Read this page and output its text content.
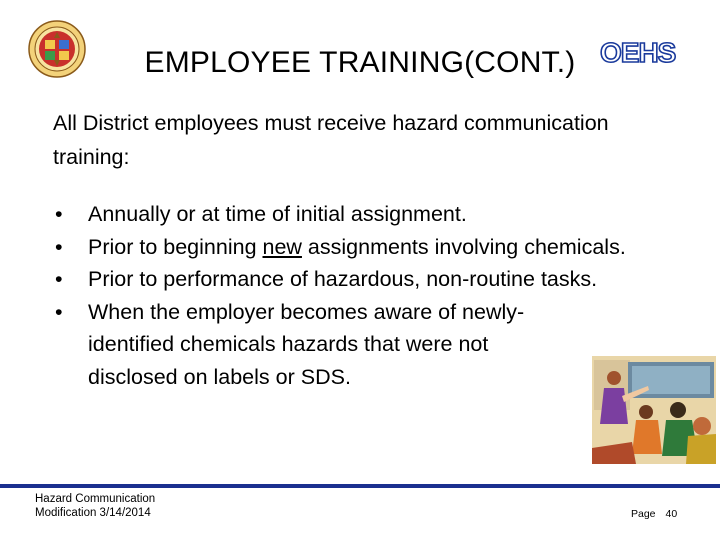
EMPLOYEE TRAINING(CONT.) OEHS
All District employees must receive hazard communication training:
• Annually or at time of initial assignment.
• Prior to beginning new assignments involving chemicals.
• Prior to performance of hazardous, non-routine tasks.
• When the employer becomes aware of newly-identified chemicals hazards that were not disclosed on labels or SDS.
Hazard Communication
Modification 3/14/2014	Page 40
